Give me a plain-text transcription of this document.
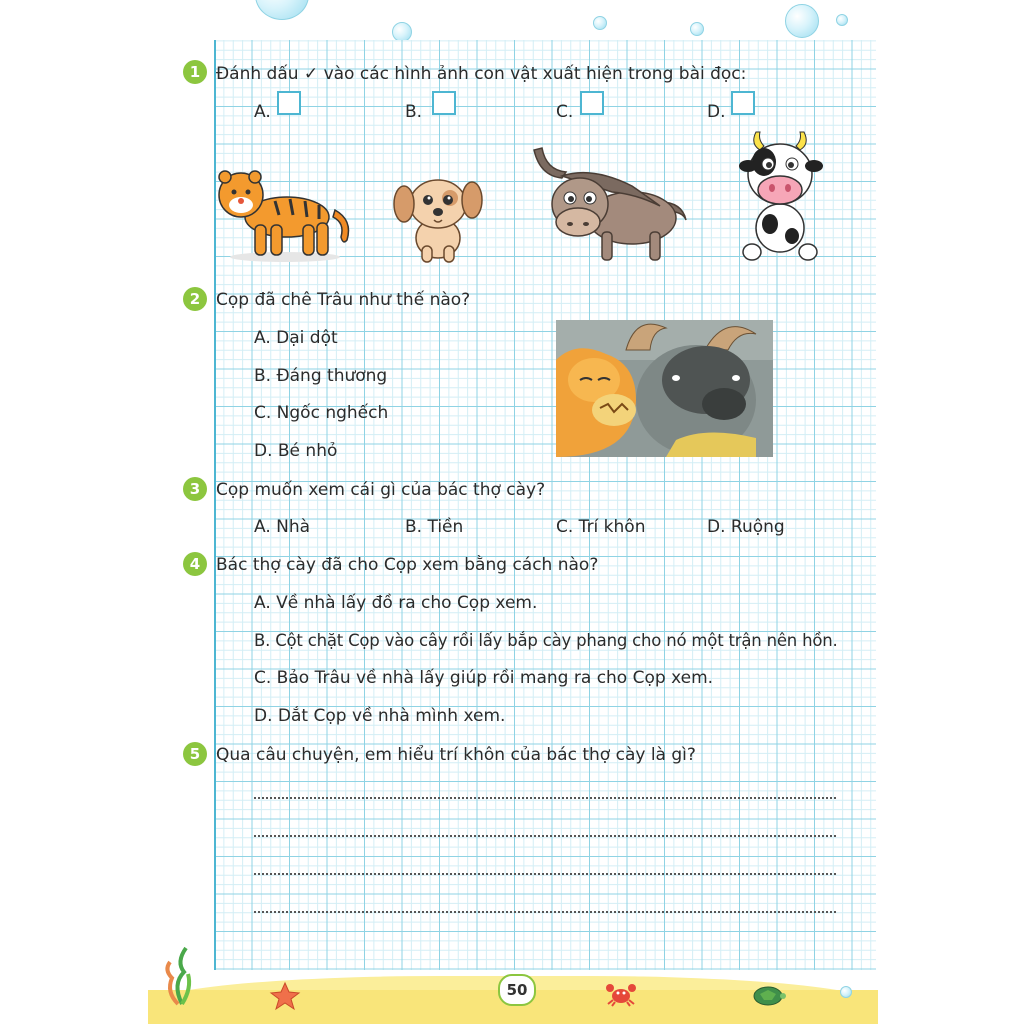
1 Đánh dấu ✓ vào các hình ảnh con vật xuất hiện trong bài đọc:
A.	B.	C.	D.
2 Cọp đã chê Trâu như thế nào?
A. Dại dột
B. Đáng thương
C. Ngốc nghếch
D. Bé nhỏ
3 Cọp muốn xem cái gì của bác thợ cày?
A. Nhà	B. Tiền	C. Trí khôn	D. Ruộng
4 Bác thợ cày đã cho Cọp xem bằng cách nào?
A. Về nhà lấy đồ ra cho Cọp xem.
B. Cột chặt Cọp vào cây rồi lấy bắp cày phang cho nó một trận nên hồn.
C. Bảo Trâu về nhà lấy giúp rồi mang ra cho Cọp xem.
D. Dắt Cọp về nhà mình xem.
5 Qua câu chuyện, em hiểu trí khôn của bác thợ cày là gì?
50
